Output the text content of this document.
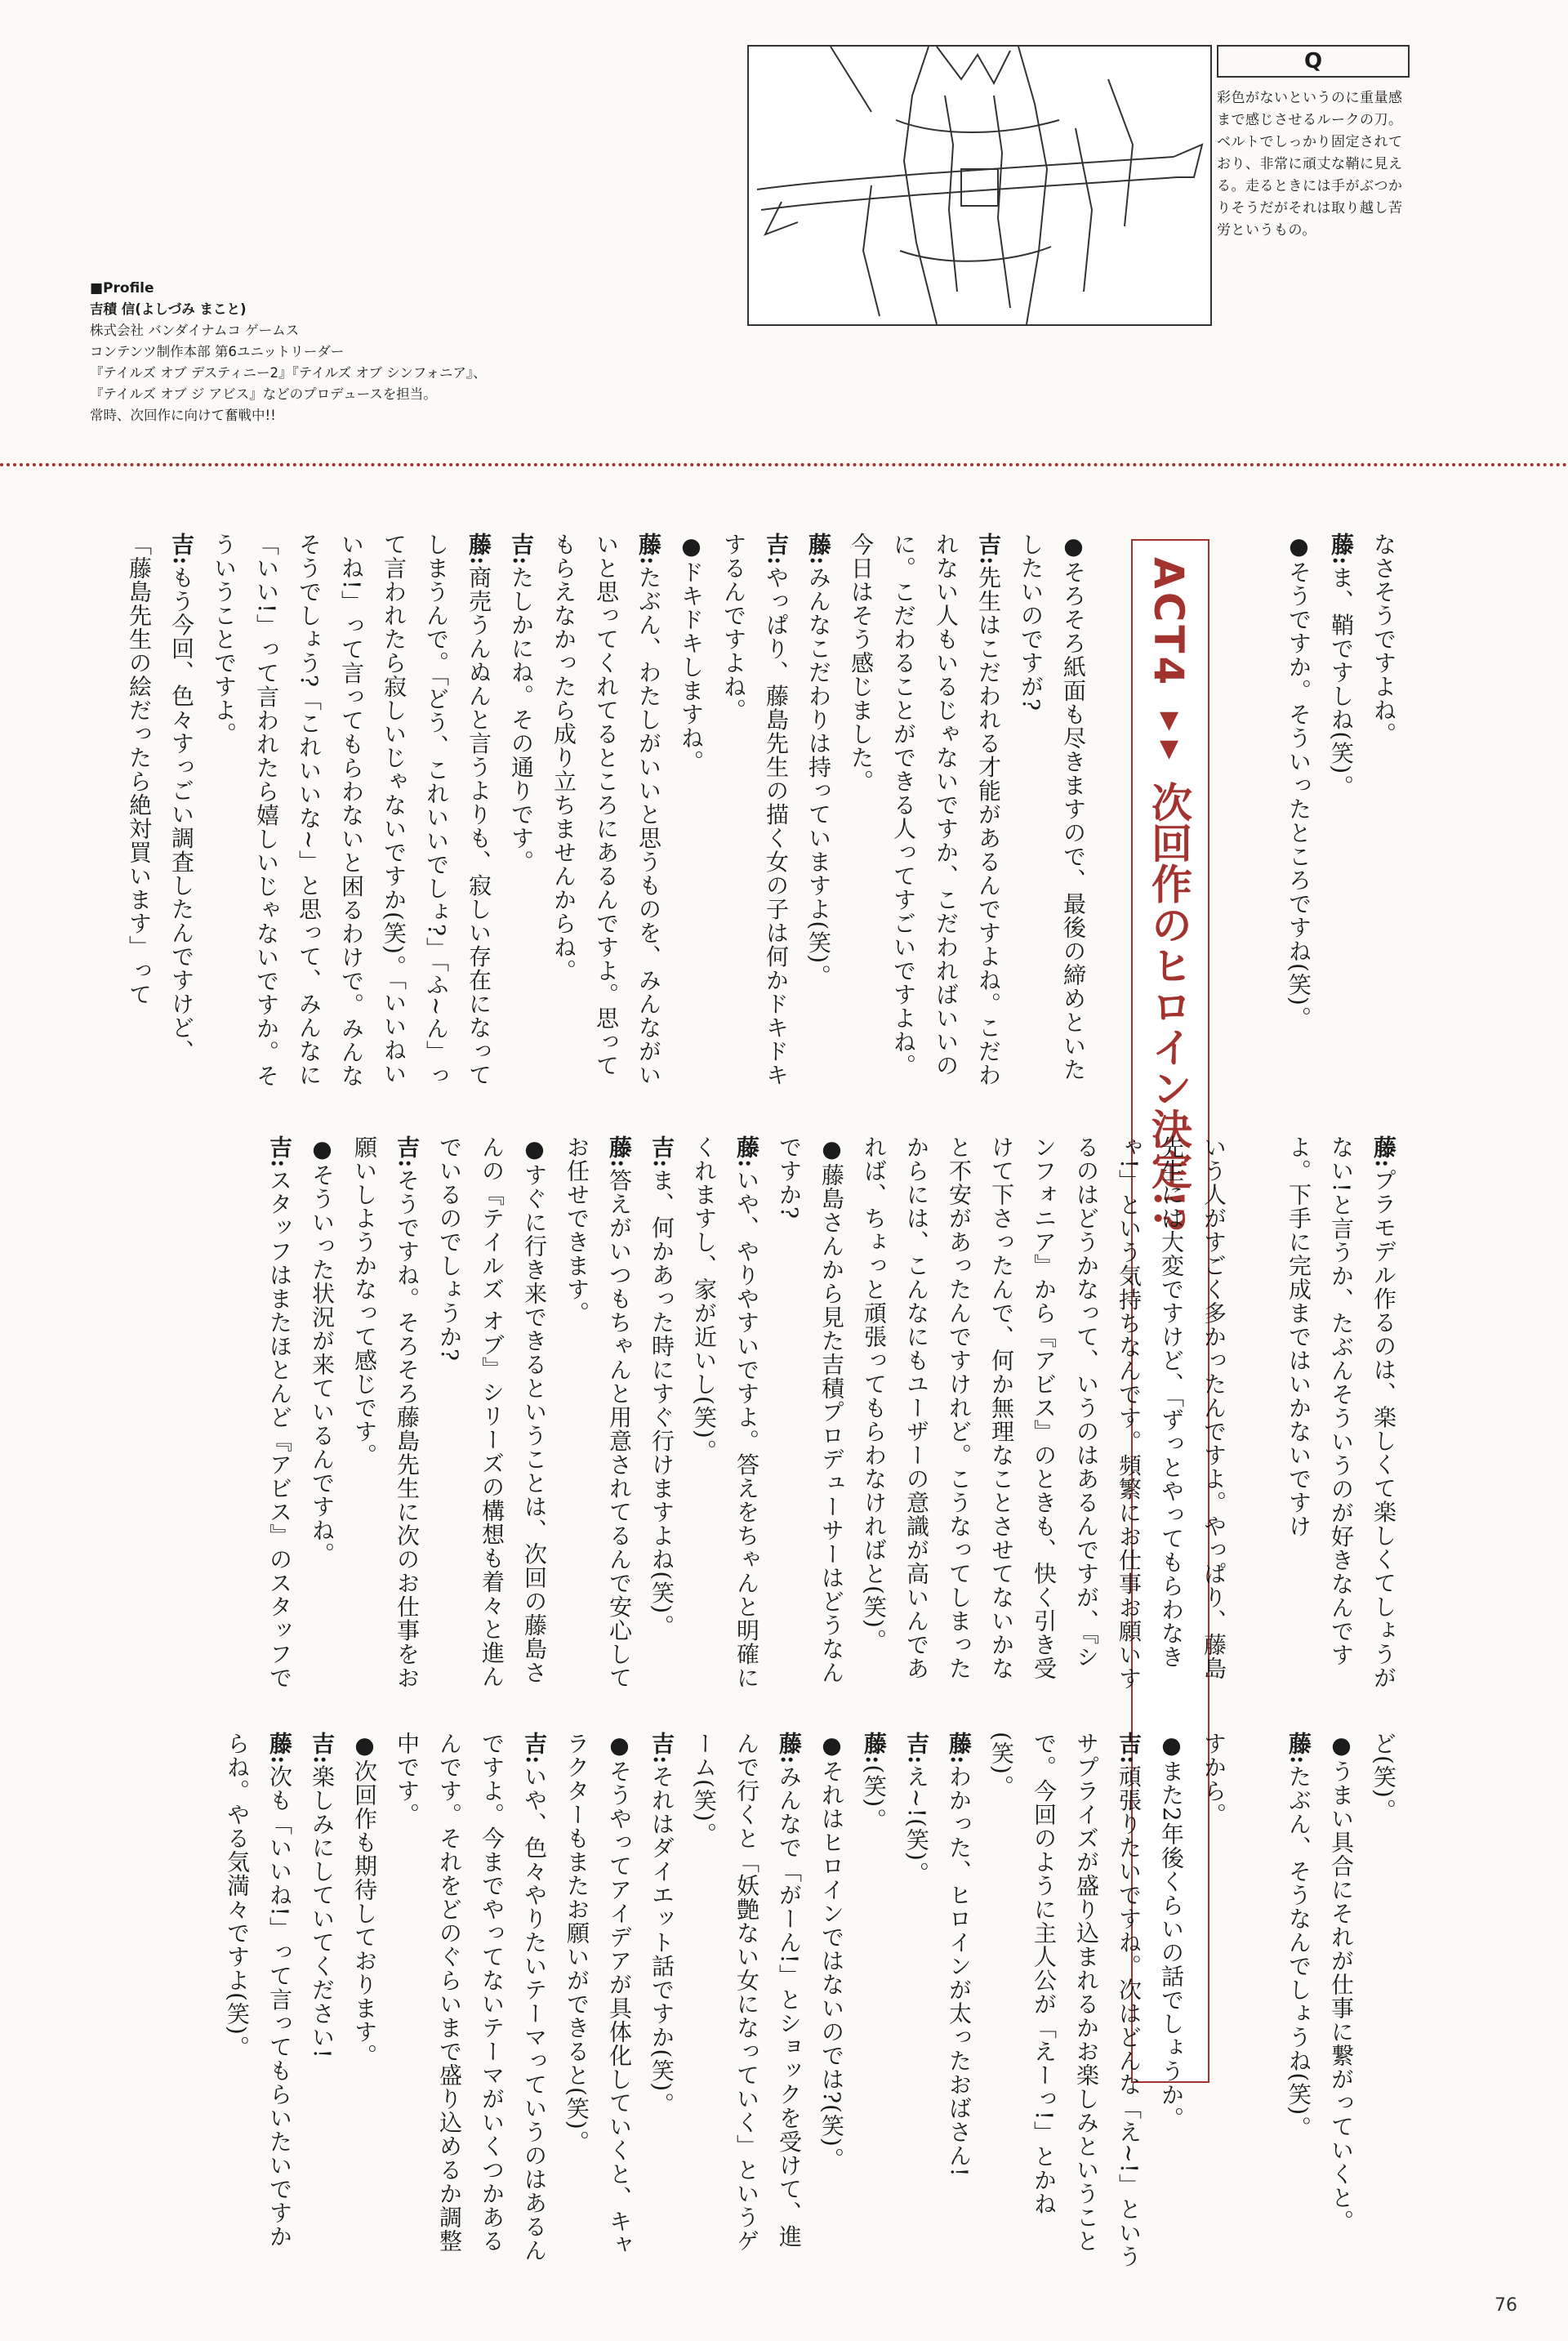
Q
彩色がないというのに重量感まで感じさせるルークの刀。ベルトでしっかり固定されており、非常に頑丈な鞘に見える。走るときには手がぶつかりそうだがそれは取り越し苦労というもの。
■Profile
吉積 信(よしづみ まこと)
株式会社 バンダイナムコ ゲームス
コンテンツ制作本部 第6ユニットリーダー
『テイルズ オブ デスティニー2』『テイルズ オブ シンフォニア』、
『テイルズ オブ ジ アビス』などのプロデュースを担当。
常時、次回作に向けて奮戦中!!

なさそうですよね。

藤:ま、鞘ですしね(笑)。

●そうですか。そういったところですね(笑)。

ACT4▼▼次回作のヒロイン決定!?

●そろそろ紙面も尽きますので、最後の締めといたしたいのですが?

吉:先生はこだわれる才能があるんですよね。こだわれない人もいるじゃないですか、こだわればいいのに。こだわることができる人ってすごいですよね。今日はそう感じました。

藤:みんなこだわりは持っていますよ(笑)。

吉:やっぱり、藤島先生の描く女の子は何かドキドキするんですよね。

●ドキドキしますね。

藤:たぶん、わたしがいいと思うものを、みんながいいと思ってくれてるところにあるんですよ。思ってもらえなかったら成り立ちませんからね。

吉:たしかにね。その通りです。

藤:商売うんぬんと言うよりも、寂しい存在になってしまうんで。「どう、これいいでしょ?」「ふ~ん」って言われたら寂しいじゃないですか(笑)。「いいねいいね!」って言ってもらわないと困るわけで。みんなそうでしょう?「これいいな~」と思って、みんなに「いい!」って言われたら嬉しいじゃないですか。そういうことですよ。

吉:もう今回、色々すっごい調査したんですけど、「藤島先生の絵だったら絶対買います」って

藤:プラモデル作るのは、楽しくて楽しくてしょうがない!と言うか、たぶんそういうのが好きなんですよ。下手に完成まではいかないですけ

いう人がすごく多かったんですよ。やっぱり、藤島先生には大変ですけど、「ずっとやってもらわなきゃ!」という気持ちなんです。頻繁にお仕事お願いするのはどうかなって、いうのはあるんですが、『シンフォニア』から『アビス』のときも、快く引き受けて下さったんで、何か無理なことさせてないかなと不安があったんですけれど。こうなってしまったからには、こんなにもユーザーの意識が高いんであれば、ちょっと頑張ってもらわなければと(笑)。

●藤島さんから見た吉積プロデューサーはどうなんですか?

藤:いや、やりやすいですよ。答えをちゃんと明確にくれますし、家が近いし(笑)。

吉:ま、何かあった時にすぐ行けますよね(笑)。

藤:答えがいつもちゃんと用意されてるんで安心してお任せできます。

●すぐに行き来できるということは、次回の藤島さんの『テイルズ オブ』シリーズの構想も着々と進んでいるのでしょうか?

吉:そうですね。そろそろ藤島先生に次のお仕事をお願いしようかなって感じです。

●そういった状況が来ているんですね。

吉:スタッフはまたほとんど『アビス』のスタッフで

ど(笑)。

●うまい具合にそれが仕事に繋がっていくと。

藤:たぶん、そうなんでしょうね(笑)。

すから。

●また2年後くらいの話でしょうか。

吉:頑張りたいですね。次はどんな「え~!」というサプライズが盛り込まれるかお楽しみということで。今回のように主人公が「えーっ!」とかね(笑)。

藤:わかった、ヒロインが太ったおばさん!

吉:え~!(笑)。

藤:(笑)。

●それはヒロインではないのでは?(笑)。

藤:みんなで「がーん!」とショックを受けて、進んで行くと「妖艶ない女になっていく」というゲーム(笑)。

吉:それはダイエット話ですか(笑)。

●そうやってアイデアが具体化していくと、キャラクターもまたお願いができると(笑)。

吉:いや、色々やりたいテーマっていうのはあるんですよ。今までやってないテーマがいくつかあるんです。それをどのぐらいまで盛り込めるか調整中です。

●次回作も期待しております。

吉:楽しみにしていてください!

藤:次も「いいね!」って言ってもらいたいですからね。やる気満々ですよ(笑)。

76
